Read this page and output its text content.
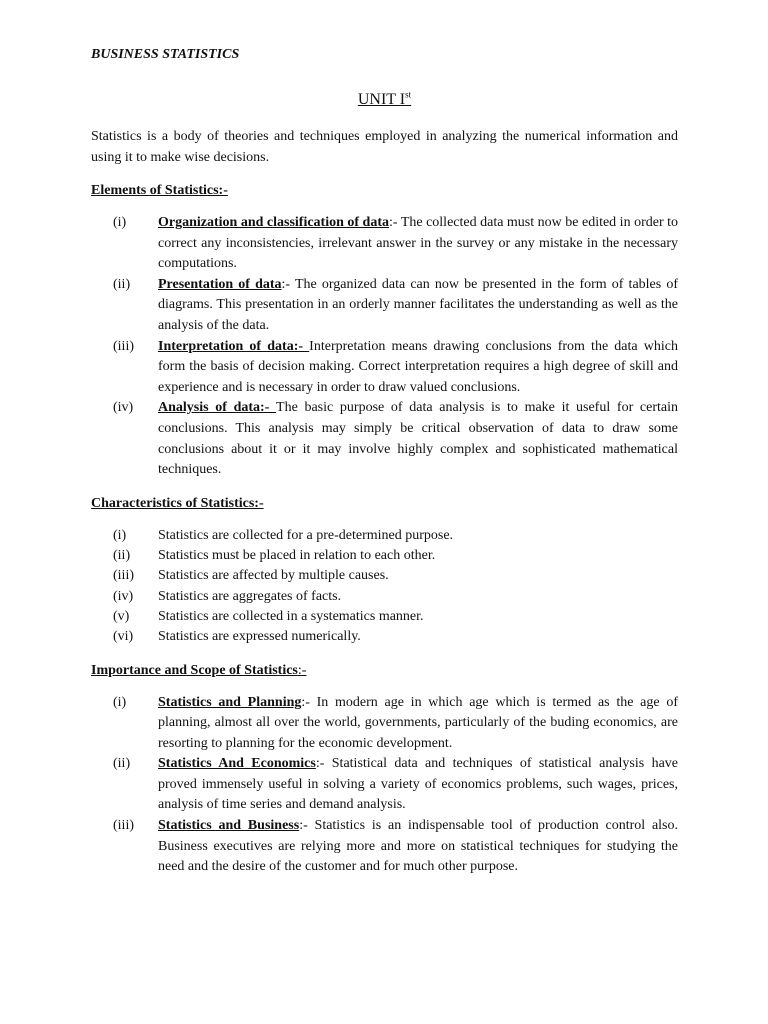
BUSINESS STATISTICS

UNIT Ist

Statistics is a body of theories and techniques employed in analyzing the numerical information and using it to make wise decisions.

Elements of Statistics:-

(i)	Organization and classification of data:- The collected data must now be edited in order to correct any inconsistencies, irrelevant answer in the survey or any mistake in the necessary computations.
(ii)	Presentation of data:- The organized data can now be presented in the form of tables of diagrams. This presentation in an orderly manner facilitates the understanding as well as the analysis of the data.
(iii)	Interpretation of data:- Interpretation means drawing conclusions from the data which form the basis of decision making. Correct interpretation requires a high degree of skill and experience and is necessary in order to draw valued conclusions.
(iv)	Analysis of data:- The basic purpose of data analysis is to make it useful for certain conclusions. This analysis may simply be critical observation of data to draw some conclusions about it or it may involve highly complex and sophisticated mathematical techniques.

Characteristics of Statistics:-

(i)	Statistics are collected for a pre-determined purpose.
(ii)	Statistics must be placed in relation to each other.
(iii)	Statistics are affected by multiple causes.
(iv)	Statistics are aggregates of facts.
(v)	Statistics are collected in a systematics manner.
(vi)	Statistics are expressed numerically.

Importance and Scope of Statistics:-

(i)	Statistics and Planning:- In modern age in which age which is termed as the age of planning, almost all over the world, governments, particularly of the buding economics, are resorting to planning for the economic development.
(ii)	Statistics And Economics:- Statistical data and techniques of statistical analysis have proved immensely useful in solving a variety of economics problems, such wages, prices, analysis of time series and demand analysis.
(iii)	Statistics and Business:- Statistics is an indispensable tool of production control also. Business executives are relying more and more on statistical techniques for studying the need and the desire of the customer and for much other purpose.
